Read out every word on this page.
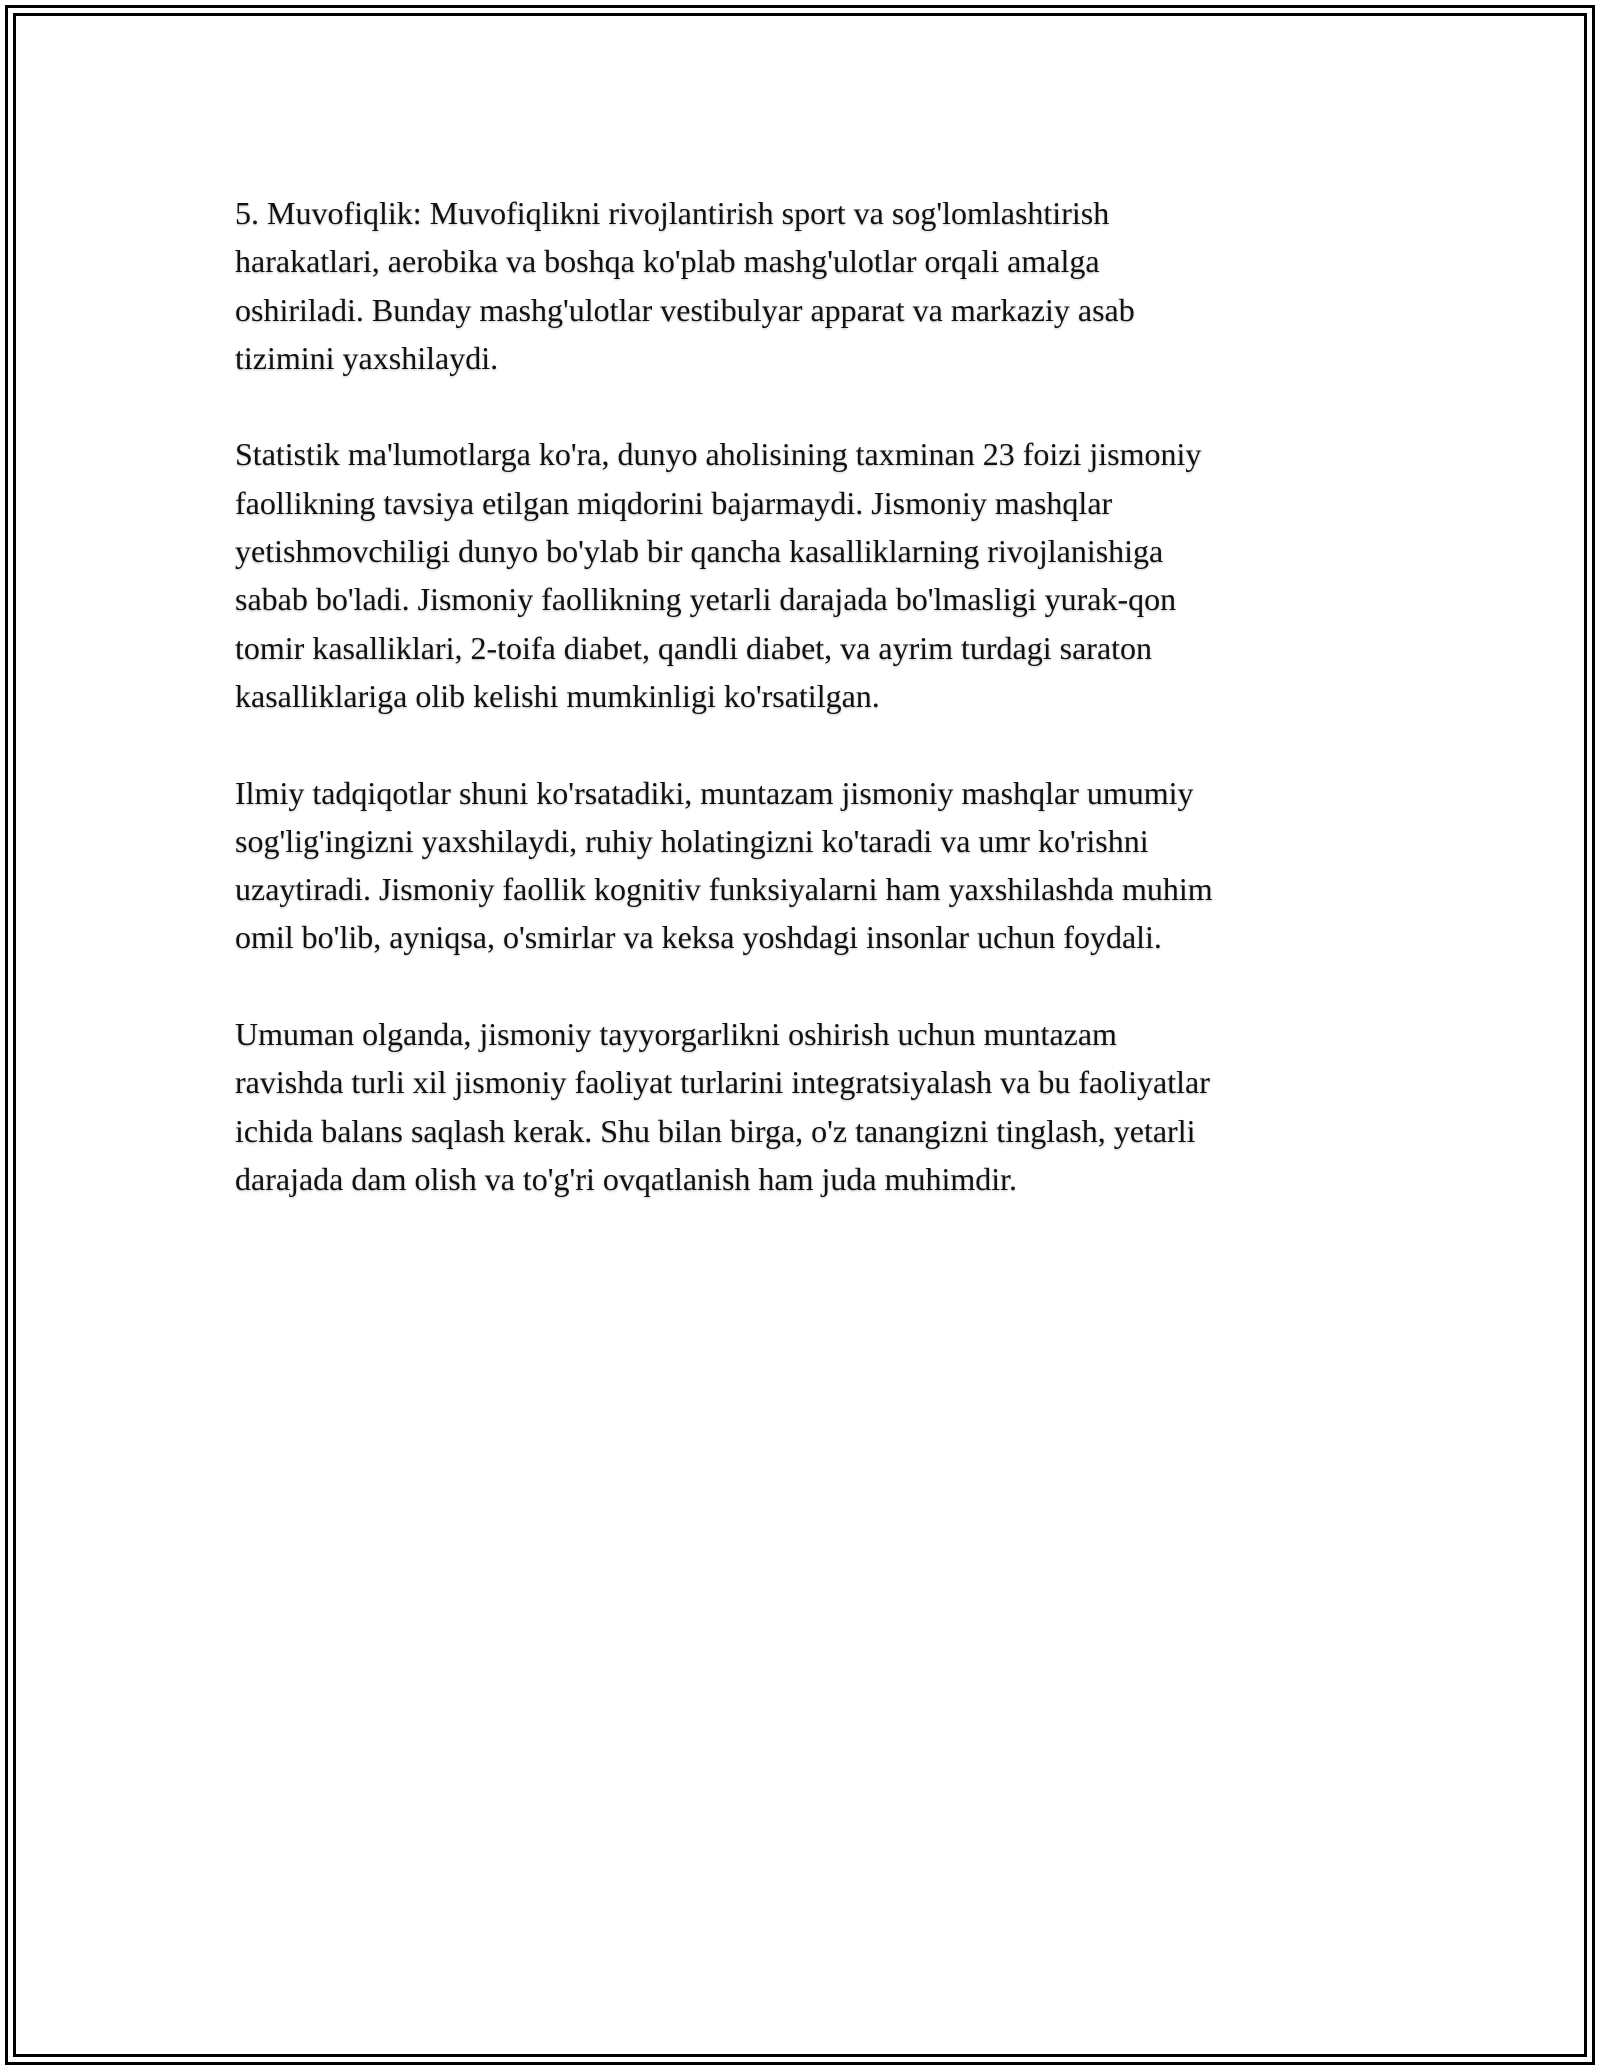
5. Muvofiqlik: Muvofiqlikni rivojlantirish sport va sog'lomlashtirish
harakatlari, aerobika va boshqa ko'plab mashg'ulotlar orqali amalga
oshiriladi. Bunday mashg'ulotlar vestibulyar apparat va markaziy asab
tizimini yaxshilaydi.

Statistik ma'lumotlarga ko'ra, dunyo aholisining taxminan 23 foizi jismoniy
faollikning tavsiya etilgan miqdorini bajarmaydi. Jismoniy mashqlar
yetishmovchiligi dunyo bo'ylab bir qancha kasalliklarning rivojlanishiga
sabab bo'ladi. Jismoniy faollikning yetarli darajada bo'lmasligi yurak-qon
tomir kasalliklari, 2-toifa diabet, qandli diabet, va ayrim turdagi saraton
kasalliklariga olib kelishi mumkinligi ko'rsatilgan.

Ilmiy tadqiqotlar shuni ko'rsatadiki, muntazam jismoniy mashqlar umumiy
sog'lig'ingizni yaxshilaydi, ruhiy holatingizni ko'taradi va umr ko'rishni
uzaytiradi. Jismoniy faollik kognitiv funksiyalarni ham yaxshilashda muhim
omil bo'lib, ayniqsa, o'smirlar va keksa yoshdagi insonlar uchun foydali.

Umuman olganda, jismoniy tayyorgarlikni oshirish uchun muntazam
ravishda turli xil jismoniy faoliyat turlarini integratsiyalash va bu faoliyatlar
ichida balans saqlash kerak. Shu bilan birga, o'z tanangizni tinglash, yetarli
darajada dam olish va to'g'ri ovqatlanish ham juda muhimdir.
